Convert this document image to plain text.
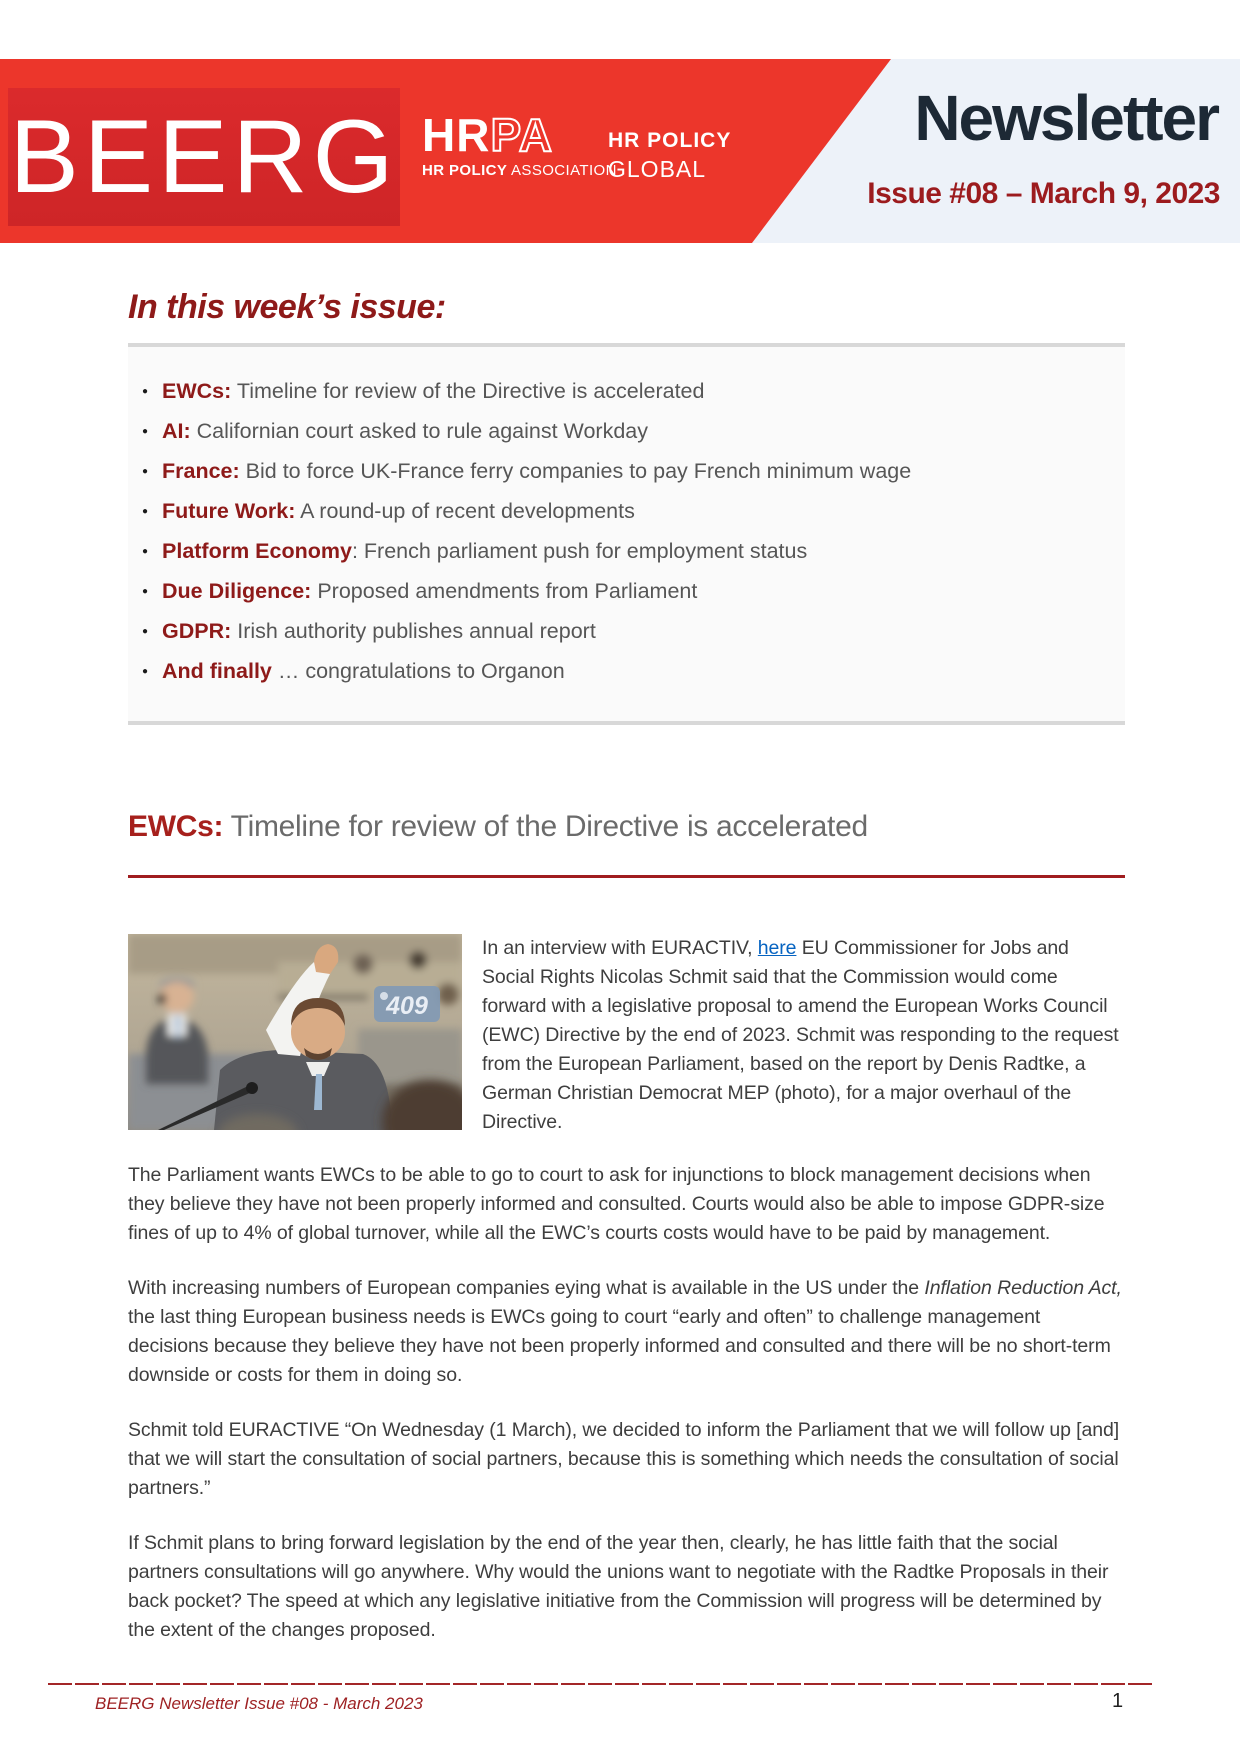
BEERG HRPA
HR POLICY ASSOCIATION
HR POLICY
GLOBAL
Newsletter
Issue #08 – March 9, 2023
In this week’s issue:
● EWCs: Timeline for review of the Directive is accelerated
● AI: Californian court asked to rule against Workday
● France: Bid to force UK-France ferry companies to pay French minimum wage
● Future Work: A round-up of recent developments
● Platform Economy: French parliament push for employment status
● Due Diligence: Proposed amendments from Parliament
● GDPR: Irish authority publishes annual report
● And finally … congratulations to Organon
EWCs: Timeline for review of the Directive is accelerated
409
In an interview with EURACTIV, here EU Commissioner for Jobs and Social Rights Nicolas Schmit said that the Commission would come forward with a legislative proposal to amend the European Works Council (EWC) Directive by the end of 2023. Schmit was responding to the request from the European Parliament, based on the report by Denis Radtke, a German Christian Democrat MEP (photo), for a major overhaul of the Directive.

The Parliament wants EWCs to be able to go to court to ask for injunctions to block management decisions when they believe they have not been properly informed and consulted. Courts would also be able to impose GDPR-size fines of up to 4% of global turnover, while all the EWC’s courts costs would have to be paid by management.

With increasing numbers of European companies eying what is available in the US under the Inflation Reduction Act, the last thing European business needs is EWCs going to court “early and often” to challenge management decisions because they believe they have not been properly informed and consulted and there will be no short-term downside or costs for them in doing so.

Schmit told EURACTIVE “On Wednesday (1 March), we decided to inform the Parliament that we will follow up [and] that we will start the consultation of social partners, because this is something which needs the consultation of social partners.”

If Schmit plans to bring forward legislation by the end of the year then, clearly, he has little faith that the social partners consultations will go anywhere. Why would the unions want to negotiate with the Radtke Proposals in their back pocket? The speed at which any legislative initiative from the Commission will progress will be determined by the extent of the changes proposed.

BEERG Newsletter Issue #08 - March 2023	1
